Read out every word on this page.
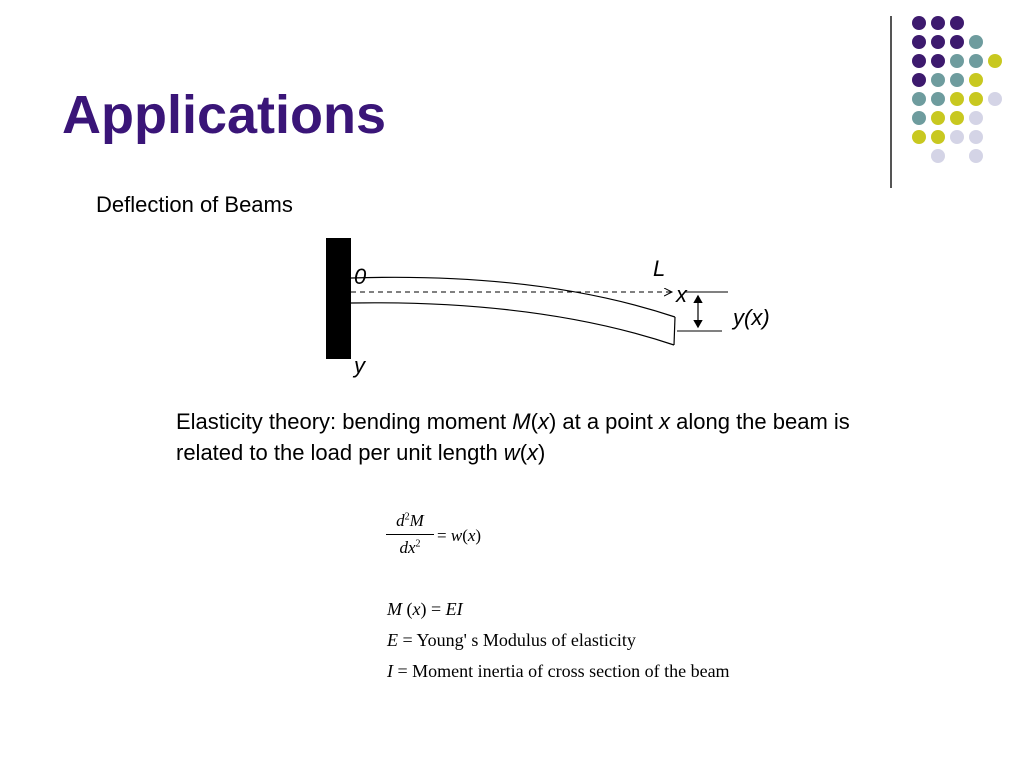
Applications
Deflection of Beams
0	L
x
y
y(x)
Elasticity theory: bending moment M(x) at a point x along the beam is related to the load per unit length w(x)
$d^2M$
$dx^2 = w(x)$
M (x) = EI
E = Young' s Modulus of elasticity
I = Moment inertia of cross section of the beam
